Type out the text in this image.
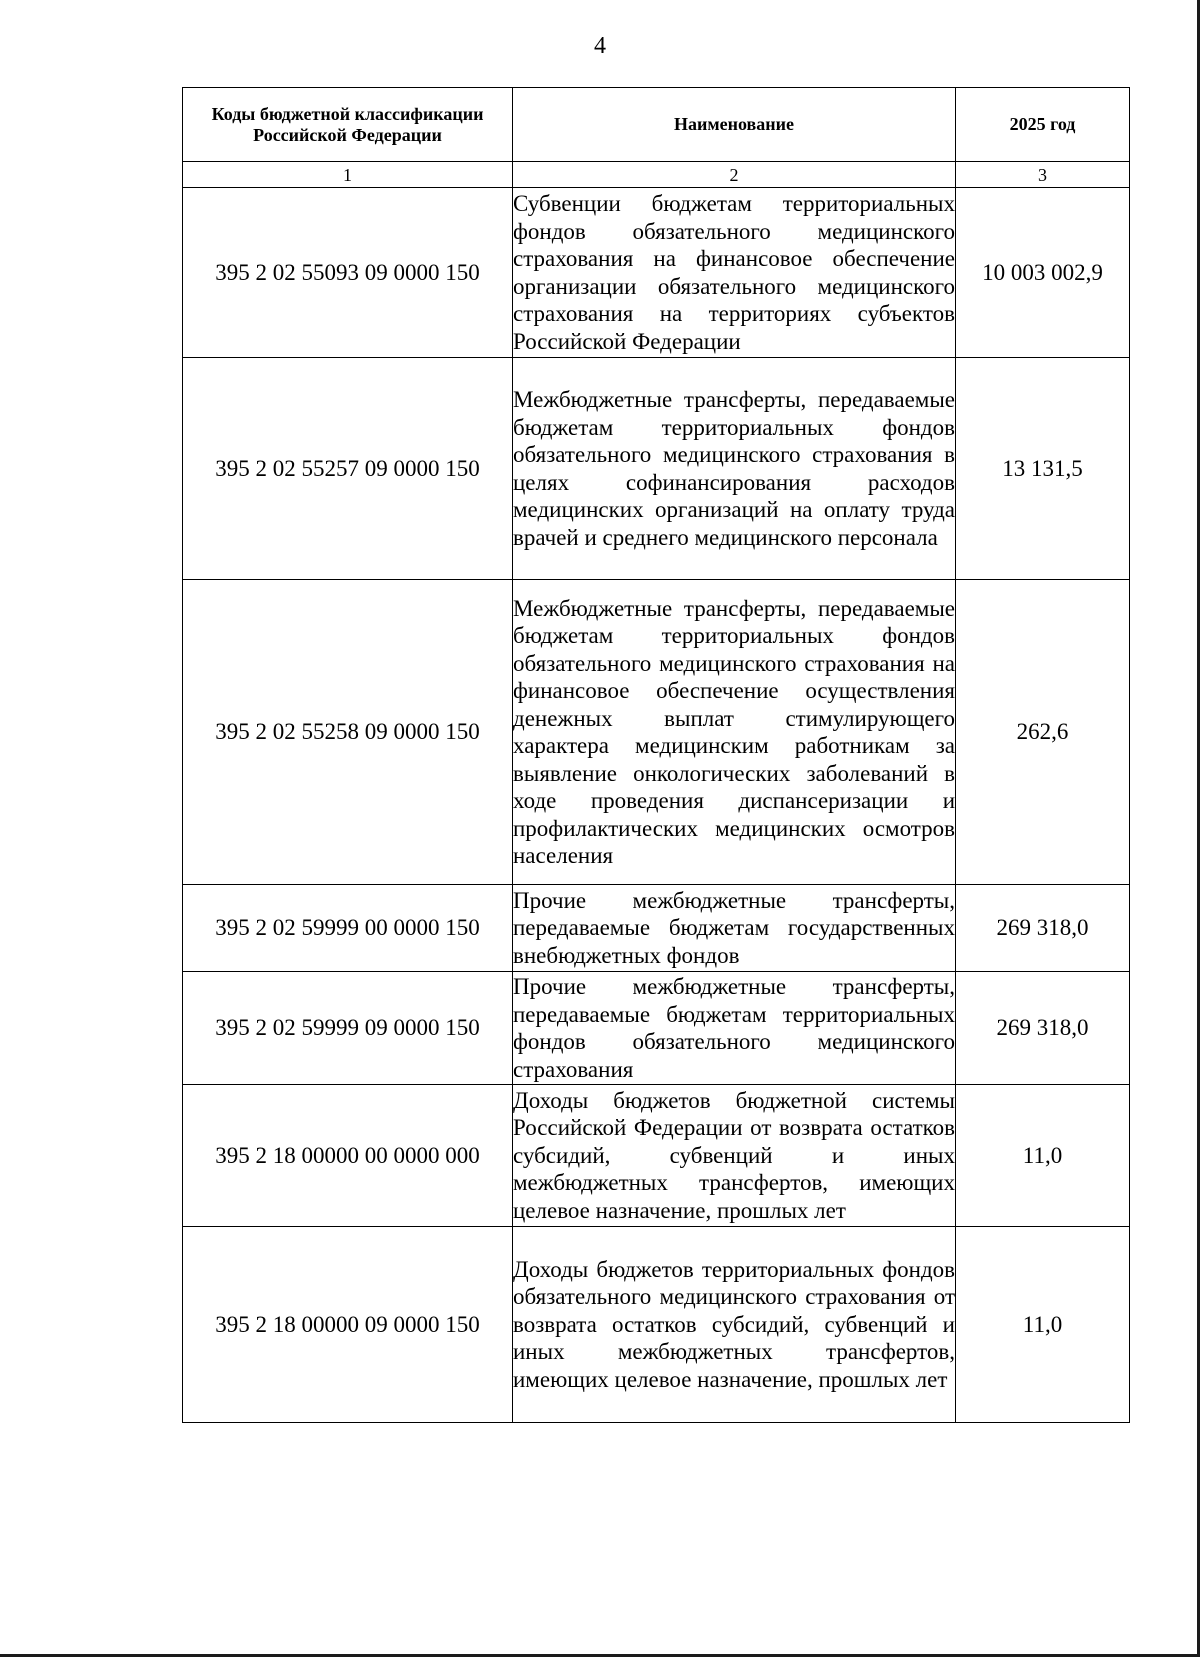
4
Коды бюджетной классификации Российской Федерации	Наименование	2025 год
1	2	3
395 2 02 55093 09 0000 150	Субвенции бюджетам территориальных фондов обязательного медицинского страхования на финансовое обеспечение организации обязательного медицинского страхования на территориях субъектов Российской Федерации	10 003 002,9
395 2 02 55257 09 0000 150	Межбюджетные трансферты, передаваемые бюджетам территориальных фондов обязательного медицинского страхования в целях софинансирования расходов медицинских организаций на оплату труда врачей и среднего медицинского персонала	13 131,5
395 2 02 55258 09 0000 150	Межбюджетные трансферты, передаваемые бюджетам территориальных фондов обязательного медицинского страхования на финансовое обеспечение осуществления денежных выплат стимулирующего характера медицинским работникам за выявление онкологических заболеваний в ходе проведения диспансеризации и профилактических медицинских осмотров населения	262,6
395 2 02 59999 00 0000 150	Прочие межбюджетные трансферты, передаваемые бюджетам государственных внебюджетных фондов	269 318,0
395 2 02 59999 09 0000 150	Прочие межбюджетные трансферты, передаваемые бюджетам территориальных фондов обязательного медицинского страхования	269 318,0
395 2 18 00000 00 0000 000	Доходы бюджетов бюджетной системы Российской Федерации от возврата остатков субсидий, субвенций и иных межбюджетных трансфертов, имеющих целевое назначение, прошлых лет	11,0
395 2 18 00000 09 0000 150	Доходы бюджетов территориальных фондов обязательного медицинского страхования от возврата остатков субсидий, субвенций и иных межбюджетных трансфертов, имеющих целевое назначение, прошлых лет	11,0
